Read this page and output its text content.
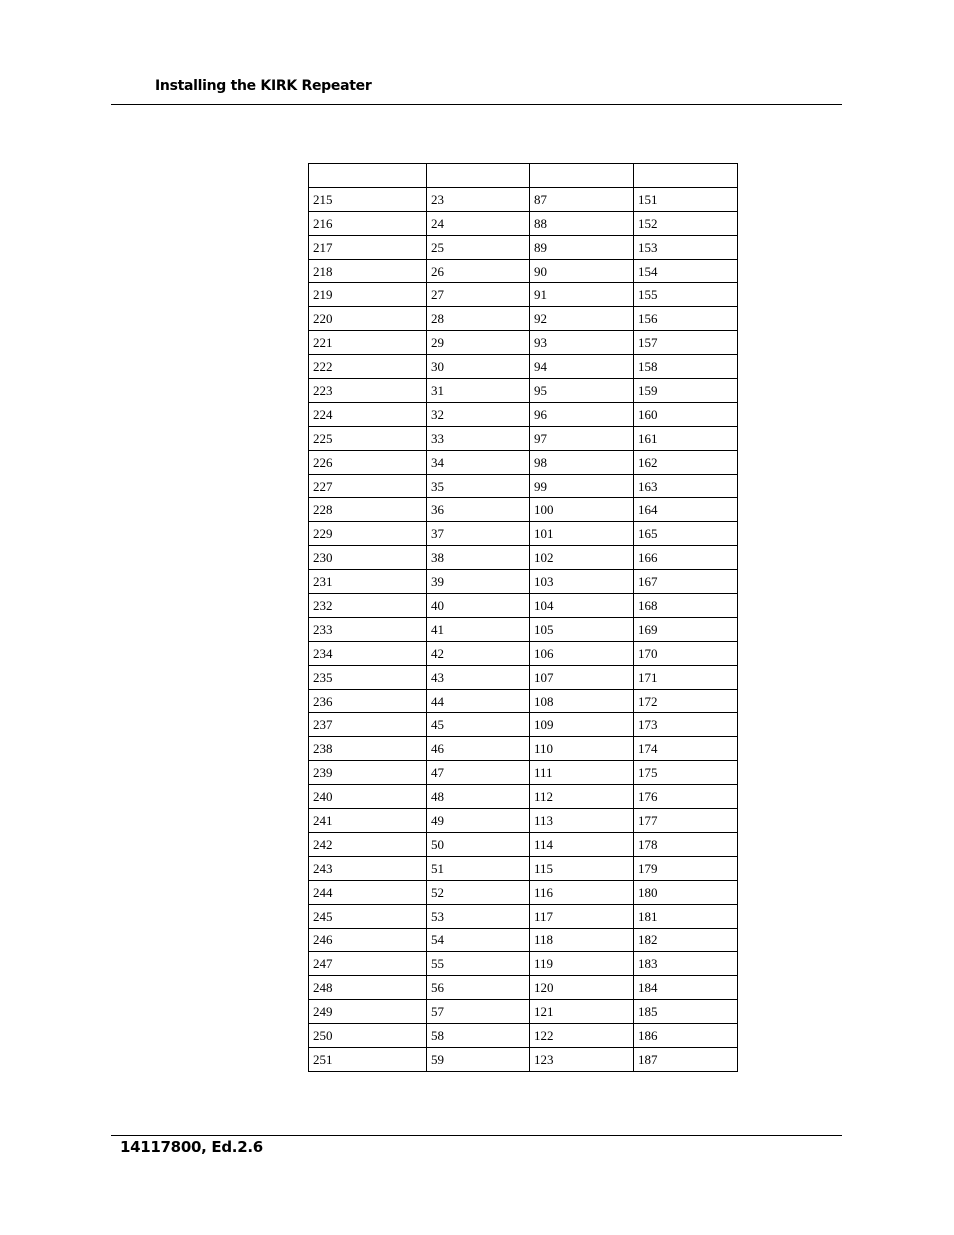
Installing the KIRK Repeater

215	23	87	151
216	24	88	152
217	25	89	153
218	26	90	154
219	27	91	155
220	28	92	156
221	29	93	157
222	30	94	158
223	31	95	159
224	32	96	160
225	33	97	161
226	34	98	162
227	35	99	163
228	36	100	164
229	37	101	165
230	38	102	166
231	39	103	167
232	40	104	168
233	41	105	169
234	42	106	170
235	43	107	171
236	44	108	172
237	45	109	173
238	46	110	174
239	47	111	175
240	48	112	176
241	49	113	177
242	50	114	178
243	51	115	179
244	52	116	180
245	53	117	181
246	54	118	182
247	55	119	183
248	56	120	184
249	57	121	185
250	58	122	186
251	59	123	187
14117800, Ed.2.6
